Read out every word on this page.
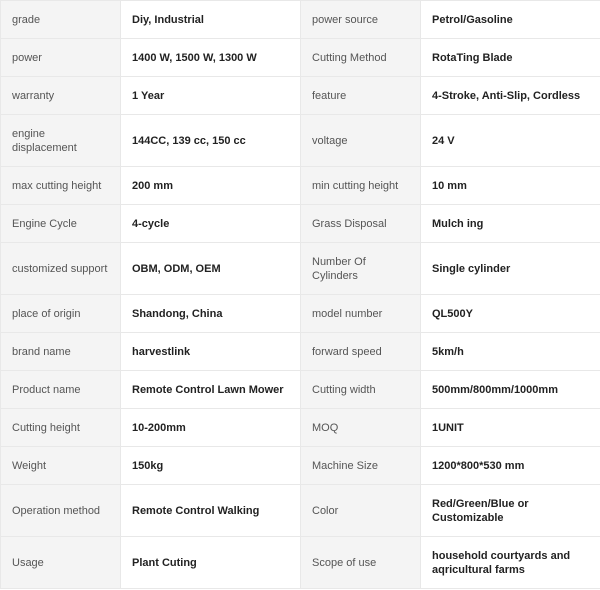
grade	Diy, Industrial	power source	Petrol/Gasoline
power	1400 W, 1500 W, 1300 W	Cutting Method	RotaTing Blade
warranty	1 Year	feature	4-Stroke, Anti-Slip, Cordless
engine displacement	144CC, 139 cc, 150 cc	voltage	24 V
max cutting height	200 mm	min cutting height	10 mm
Engine Cycle	4-cycle	Grass Disposal	Mulch ing
customized support	OBM, ODM, OEM	Number Of Cylinders	Single cylinder
place of origin	Shandong, China	model number	QL500Y
brand name	harvestlink	forward speed	5km/h
Product name	Remote Control Lawn Mower	Cutting width	500mm/800mm/1000mm
Cutting height	10-200mm	MOQ	1UNIT
Weight	150kg	Machine Size	1200*800*530 mm
Operation method	Remote Control Walking	Color	Red/Green/Blue or Customizable
Usage	Plant Cuting	Scope of use	household courtyards and aqricultural farms
